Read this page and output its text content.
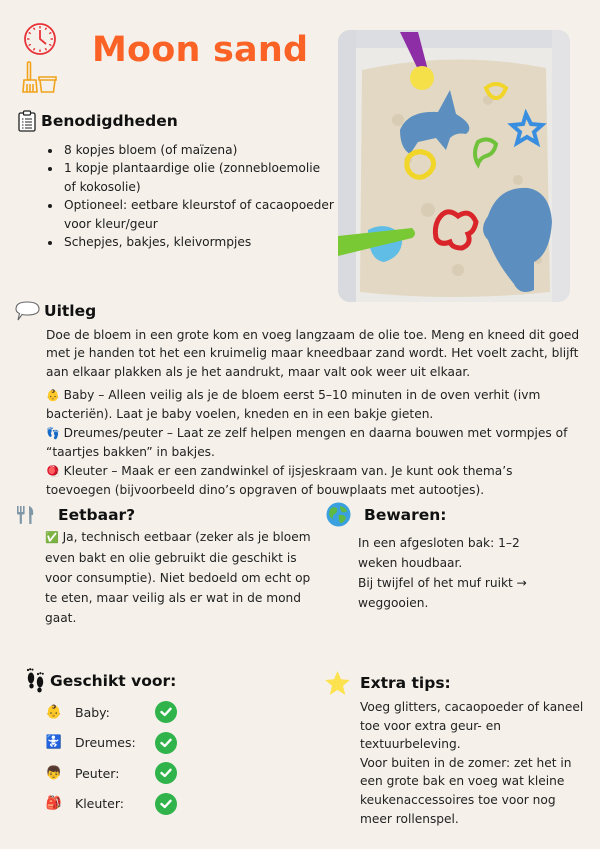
Moon sand
Benodigdheden
• 8 kopjes bloem (of maïzena)
• 1 kopje plantaardige olie (zonnebloemolie of kokosolie)
• Optioneel: eetbare kleurstof of cacaopoeder voor kleur/geur
• Schepjes, bakjes, kleivormpjes
Uitleg
Doe de bloem in een grote kom en voeg langzaam de olie toe. Meng en kneed dit goed met je handen tot het een kruimelig maar kneedbaar zand wordt. Het voelt zacht, blijft aan elkaar plakken als je het aandrukt, maar valt ook weer uit elkaar.
👶 Baby – Alleen veilig als je de bloem eerst 5–10 minuten in de oven verhit (ivm bacteriën). Laat je baby voelen, kneden en in een bakje gieten.
👣 Dreumes/peuter – Laat ze zelf helpen mengen en daarna bouwen met vormpjes of “taartjes bakken” in bakjes.
🪀 Kleuter – Maak er een zandwinkel of ijsjeskraam van. Je kunt ook thema’s toevoegen (bijvoorbeeld dino’s opgraven of bouwplaats met autootjes).
Eetbaar?
✅ Ja, technisch eetbaar (zeker als je bloem even bakt en olie gebruikt die geschikt is voor consumptie). Niet bedoeld om echt op te eten, maar veilig als er wat in de mond gaat.
Bewaren:
In een afgesloten bak: 1–2 weken houdbaar.
Bij twijfel of het muf ruikt → weggooien.
Geschikt voor:
👶 Baby:
🚼 Dreumes:
👦 Peuter:
🎒 Kleuter:
Extra tips:
Voeg glitters, cacaopoeder of kaneel toe voor extra geur- en textuurbeleving.
Voor buiten in de zomer: zet het in een grote bak en voeg wat kleine keukenaccessoires toe voor nog meer rollenspel.
